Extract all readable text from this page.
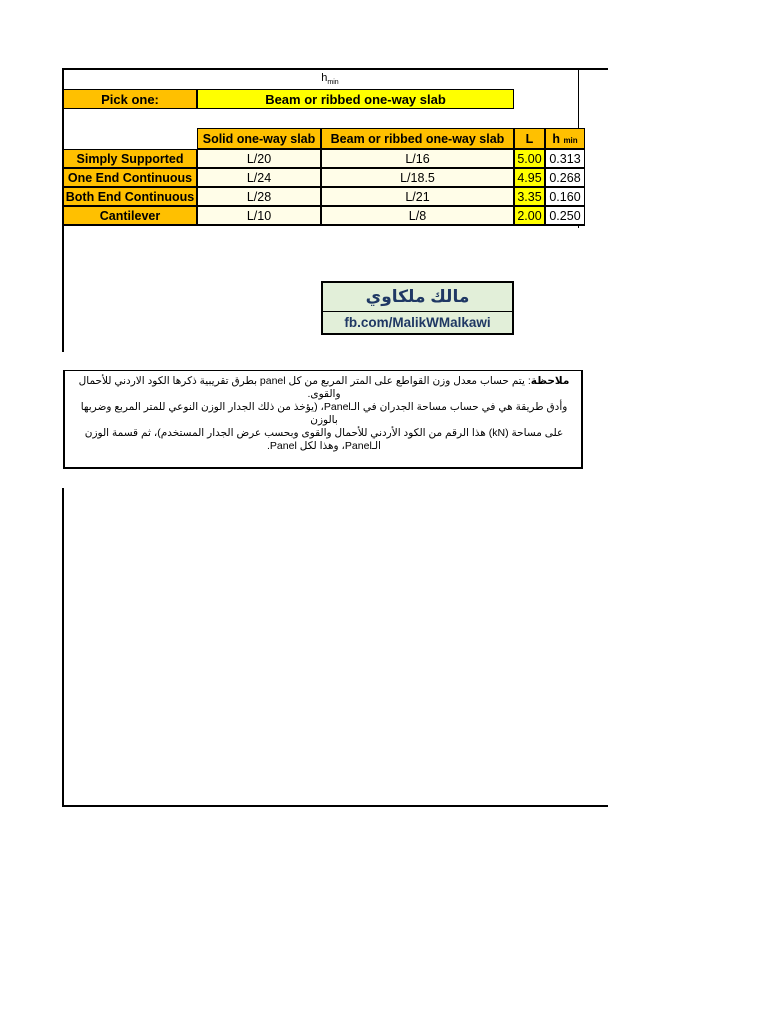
$h_{min}$
Pick one:	Beam or ribbed one-way slab
Solid one-way slab	Beam or ribbed one-way slab	L	h min
Simply Supported	L/20	L/16	5.00 0.313
One End Continuous	L/24	L/18.5	4.95 0.268
Both End Continuous	L/28	L/21	3.35 0.160
Cantilever	L/10	L/8	2.00 0.250
مالك ملكاوي
fb.com/MalikWMalkawi
ملاحظة: يتم حساب معدل وزن القواطع على المتر المربع من كل panel بطرق تقريبية ذكرها الكود الاردني للأحمال والقوى.
وأدق طريقة هي في حساب مساحة الجدران في الـPanel، (يؤخذ من ذلك الجدار الوزن النوعي للمتر المربع وضربها بالوزن
على مساحة (kN) هذا الرقم من الكود الأردني للأحمال والقوى وبحسب عرض الجدار المستخدم)، ثم قسمة الوزن
الـPanel، وهذا لكل Panel.
